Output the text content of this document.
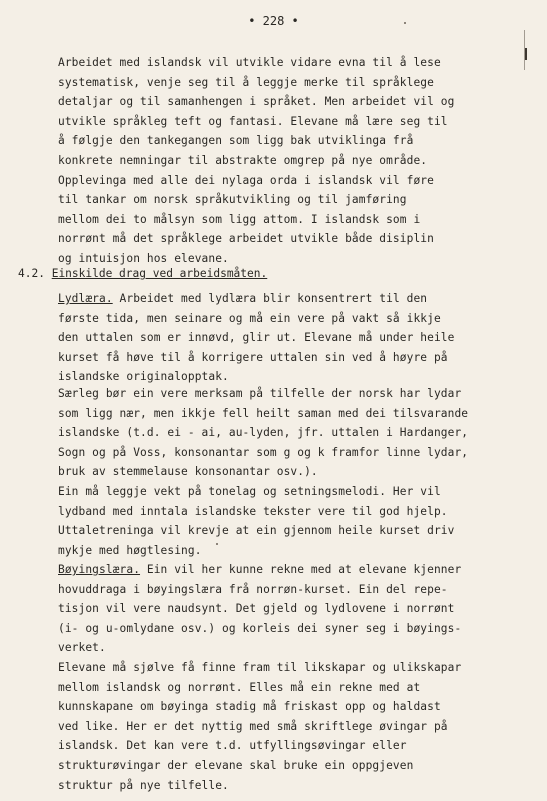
• 228 •
Arbeidet med islandsk vil utvikle vidare evna til å lese
systematisk, venje seg til å leggje merke til språklege
detaljar og til samanhengen i språket. Men arbeidet vil og
utvikle språkleg teft og fantasi. Elevane må lære seg til
å følgje den tankegangen som ligg bak utviklinga frå
konkrete nemningar til abstrakte omgrep på nye område.
Opplevinga med alle dei nylaga orda i islandsk vil føre
til tankar om norsk språkutvikling og til jamføring
mellom dei to målsyn som ligg attom. I islandsk som i
norrønt må det språklege arbeidet utvikle både disiplin
og intuisjon hos elevane.
4.2. Einskilde drag ved arbeidsmåten.
Lydlæra. Arbeidet med lydlæra blir konsentrert til den
første tida, men seinare og må ein vere på vakt så ikkje
den uttalen som er innøvd, glir ut. Elevane må under heile
kurset få høve til å korrigere uttalen sin ved å høyre på
islandske originalopptak.
Særleg bør ein vere merksam på tilfelle der norsk har lydar
som ligg nær, men ikkje fell heilt saman med dei tilsvarande
islandske (t.d. ei - ai, au-lyden, jfr. uttalen i Hardanger,
Sogn og på Voss, konsonantar som g og k framfor linne lydar,
bruk av stemmelause konsonantar osv.).
Ein må leggje vekt på tonelag og setningsmelodi. Her vil
lydband med inntala islandske tekster vere til god hjelp.
Uttaletreninga vil krevje at ein gjennom heile kurset driv
mykje med høgtlesing.
Bøyingslæra. Ein vil her kunne rekne med at elevane kjenner
hovuddraga i bøyingslæra frå norrøn-kurset. Ein del repe-
tisjon vil vere naudsynt. Det gjeld og lydlovene i norrønt
(i- og u-omlydane osv.) og korleis dei syner seg i bøyings-
verket.
Elevane må sjølve få finne fram til likskapar og ulikskapar
mellom islandsk og norrønt. Elles må ein rekne med at
kunnskapane om bøyinga stadig må friskast opp og haldast
ved like. Her er det nyttig med små skriftlege øvingar på
islandsk. Det kan vere t.d. utfyllingsøvingar eller
strukturøvingar der elevane skal bruke ein oppgjeven
struktur på nye tilfelle.
